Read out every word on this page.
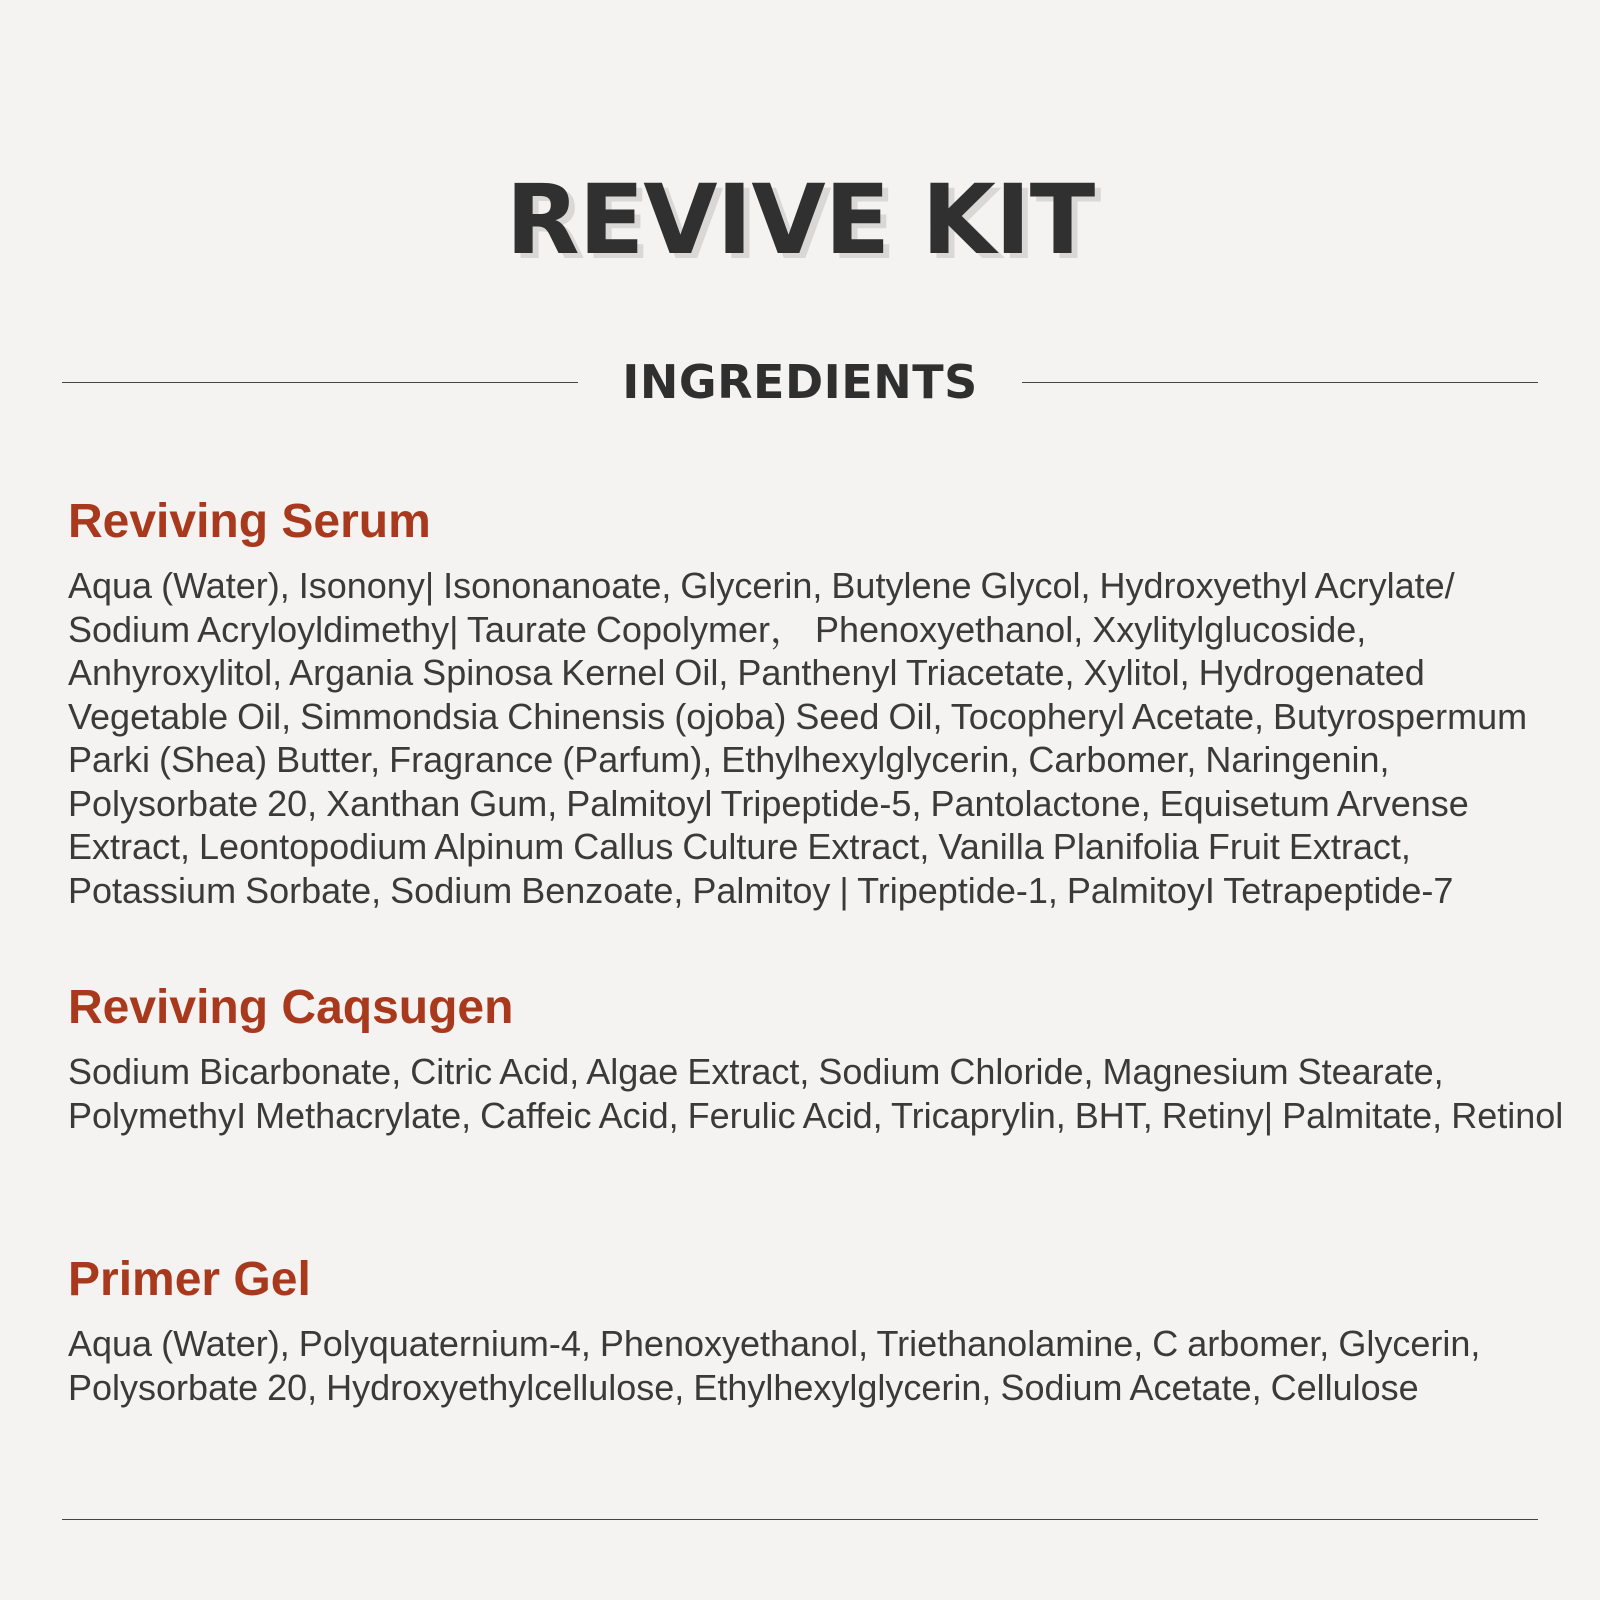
REVIVE KIT
INGREDIENTS
Reviving Serum

Aqua (Water), Isonony| Isononanoate, Glycerin, Butylene Glycol, Hydroxyethyl Acrylate/ Sodium Acryloyldimethy| Taurate Copolymer， Phenoxyethanol, Xxylitylglucoside, Anhyroxylitol, Argania Spinosa Kernel Oil, Panthenyl Triacetate, Xylitol, Hydrogenated Vegetable Oil, Simmondsia Chinensis (ojoba) Seed Oil, Tocopheryl Acetate, Butyrospermum Parki (Shea) Butter, Fragrance (Parfum), Ethylhexylglycerin, Carbomer, Naringenin, Polysorbate 20, Xanthan Gum, Palmitoyl Tripeptide-5, Pantolactone, Equisetum Arvense Extract, Leontopodium Alpinum Callus Culture Extract, Vanilla Planifolia Fruit Extract, Potassium Sorbate, Sodium Benzoate, Palmitoy | Tripeptide-1, PalmitoyI Tetrapeptide-7

Reviving Caqsugen

Sodium Bicarbonate, Citric Acid, Algae Extract, Sodium Chloride, Magnesium Stearate, PolymethyI Methacrylate, Caffeic Acid, Ferulic Acid, Tricaprylin, BHT, Retiny| Palmitate, Retinol

Primer Gel

Aqua (Water), Polyquaternium-4, Phenoxyethanol, Triethanolamine, C arbomer, Glycerin, Polysorbate 20, Hydroxyethylcellulose, Ethylhexylglycerin, Sodium Acetate, Cellulose
